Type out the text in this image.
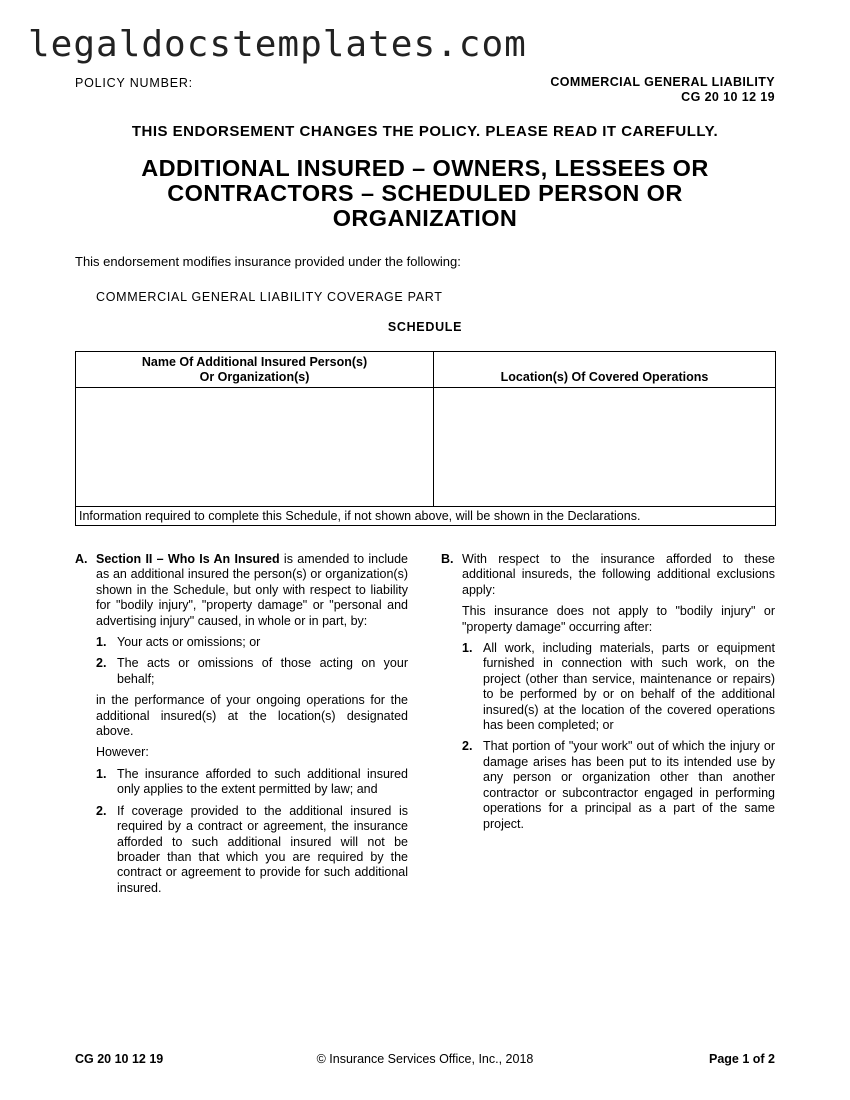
legaldocstemplates.com
POLICY NUMBER:	COMMERCIAL GENERAL LIABILITY
CG 20 10 12 19
THIS ENDORSEMENT CHANGES THE POLICY. PLEASE READ IT CAREFULLY.
ADDITIONAL INSURED – OWNERS, LESSEES OR CONTRACTORS – SCHEDULED PERSON OR ORGANIZATION
This endorsement modifies insurance provided under the following:
COMMERCIAL GENERAL LIABILITY COVERAGE PART
SCHEDULE
Name Of Additional Insured Person(s)
Or Organization(s)	Location(s) Of Covered Operations

Information required to complete this Schedule, if not shown above, will be shown in the Declarations.	
A. Section II – Who Is An Insured is amended to include as an additional insured the person(s) or organization(s) shown in the Schedule, but only with respect to liability for "bodily injury", "property damage" or "personal and advertising injury" caused, in whole or in part, by:

1. Your acts or omissions; or

2. The acts or omissions of those acting on your behalf;

in the performance of your ongoing operations for the additional insured(s) at the location(s) designated above.

However:

1. The insurance afforded to such additional insured only applies to the extent permitted by law; and

2. If coverage provided to the additional insured is required by a contract or agreement, the insurance afforded to such additional insured will not be broader than that which you are required by the contract or agreement to provide for such additional insured.

B. With respect to the insurance afforded to these additional insureds, the following additional exclusions apply:

This insurance does not apply to "bodily injury" or "property damage" occurring after:

1. All work, including materials, parts or equipment furnished in connection with such work, on the project (other than service, maintenance or repairs) to be performed by or on behalf of the additional insured(s) at the location of the covered operations has been completed; or

2. That portion of "your work" out of which the injury or damage arises has been put to its intended use by any person or organization other than another contractor or subcontractor engaged in performing operations for a principal as a part of the same project.

CG 20 10 12 19	© Insurance Services Office, Inc., 2018	Page 1 of 2
